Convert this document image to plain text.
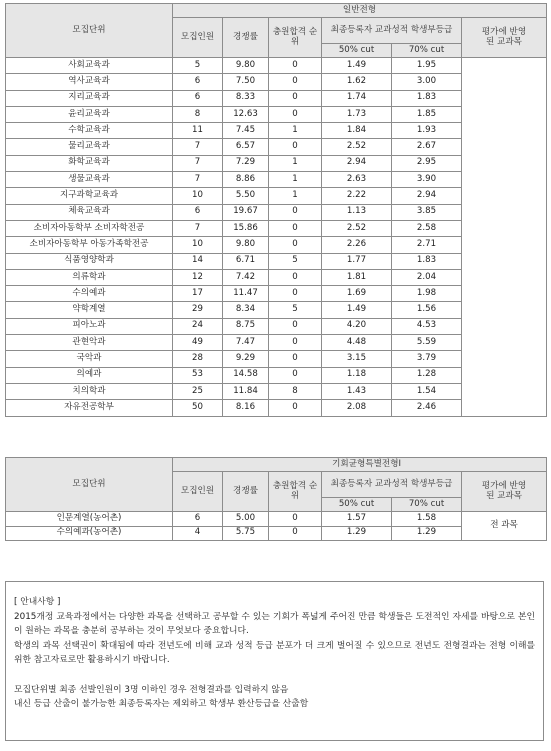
모집단위	일반전형					
	모집인원	경쟁률	충원합격 순 위	최종등록자 교과성적 학생부등급		평가에 반영된 교과목
				50% cut	70% cut	
사회교육과	5	9.80	0	1.49	1.95	
역사교육과	6	7.50	0	1.62	3.00	
지리교육과	6	8.33	0	1.74	1.83	
윤리교육과	8	12.63	0	1.73	1.85	
수학교육과	11	7.45	1	1.84	1.93	
물리교육과	7	6.57	0	2.52	2.67	
화학교육과	7	7.29	1	2.94	2.95	
생물교육과	7	8.86	1	2.63	3.90	
지구과학교육과	10	5.50	1	2.22	2.94	
체육교육과	6	19.67	0	1.13	3.85	
소비자아동학부 소비자학전공	7	15.86	0	2.52	2.58	
소비자아동학부 아동가족학전공	10	9.80	0	2.26	2.71	
식품영양학과	14	6.71	5	1.77	1.83	
의류학과	12	7.42	0	1.81	2.04	
수의예과	17	11.47	0	1.69	1.98	
약학계열	29	8.34	5	1.49	1.56	
피아노과	24	8.75	0	4.20	4.53	
관현악과	49	7.47	0	4.48	5.59	
국악과	28	9.29	0	3.15	3.79	
의예과	53	14.58	0	1.18	1.28	
치의학과	25	11.84	8	1.43	1.54	
자유전공학부	50	8.16	0	2.08	2.46	
모집단위	기회균형특별전형I					
	모집인원	경쟁률	충원합격 순 위	최종등록자 교과성적 학생부등급		평가에 반영된 교과목
				50% cut	70% cut	
인문계열(농어촌)	6	5.00	0	1.57	1.58	전 과목
수의예과(농어촌)	4	5.75	0	1.29	1.29	

[ 안내사항 ]

2015개정 교육과정에서는 다양한 과목을 선택하고 공부할 수 있는 기회가 폭넓게 주어진 만큼 학생들은 도전적인 자세를 바탕으로 본인이 원하는 과목을 충분히 공부하는 것이 무엇보다 중요합니다.

학생의 과목 선택권이 확대됨에 따라 전년도에 비해 교과 성적 등급 분포가 더 크게 벌어질 수 있으므로 전년도 전형결과는 전형 이해를 위한 참고자료로만 활용하시기 바랍니다.

모집단위별 최종 선발인원이 3명 이하인 경우 전형결과를 입력하지 않음

내신 등급 산출이 불가능한 최종등록자는 제외하고 학생부 환산등급을 산출함
